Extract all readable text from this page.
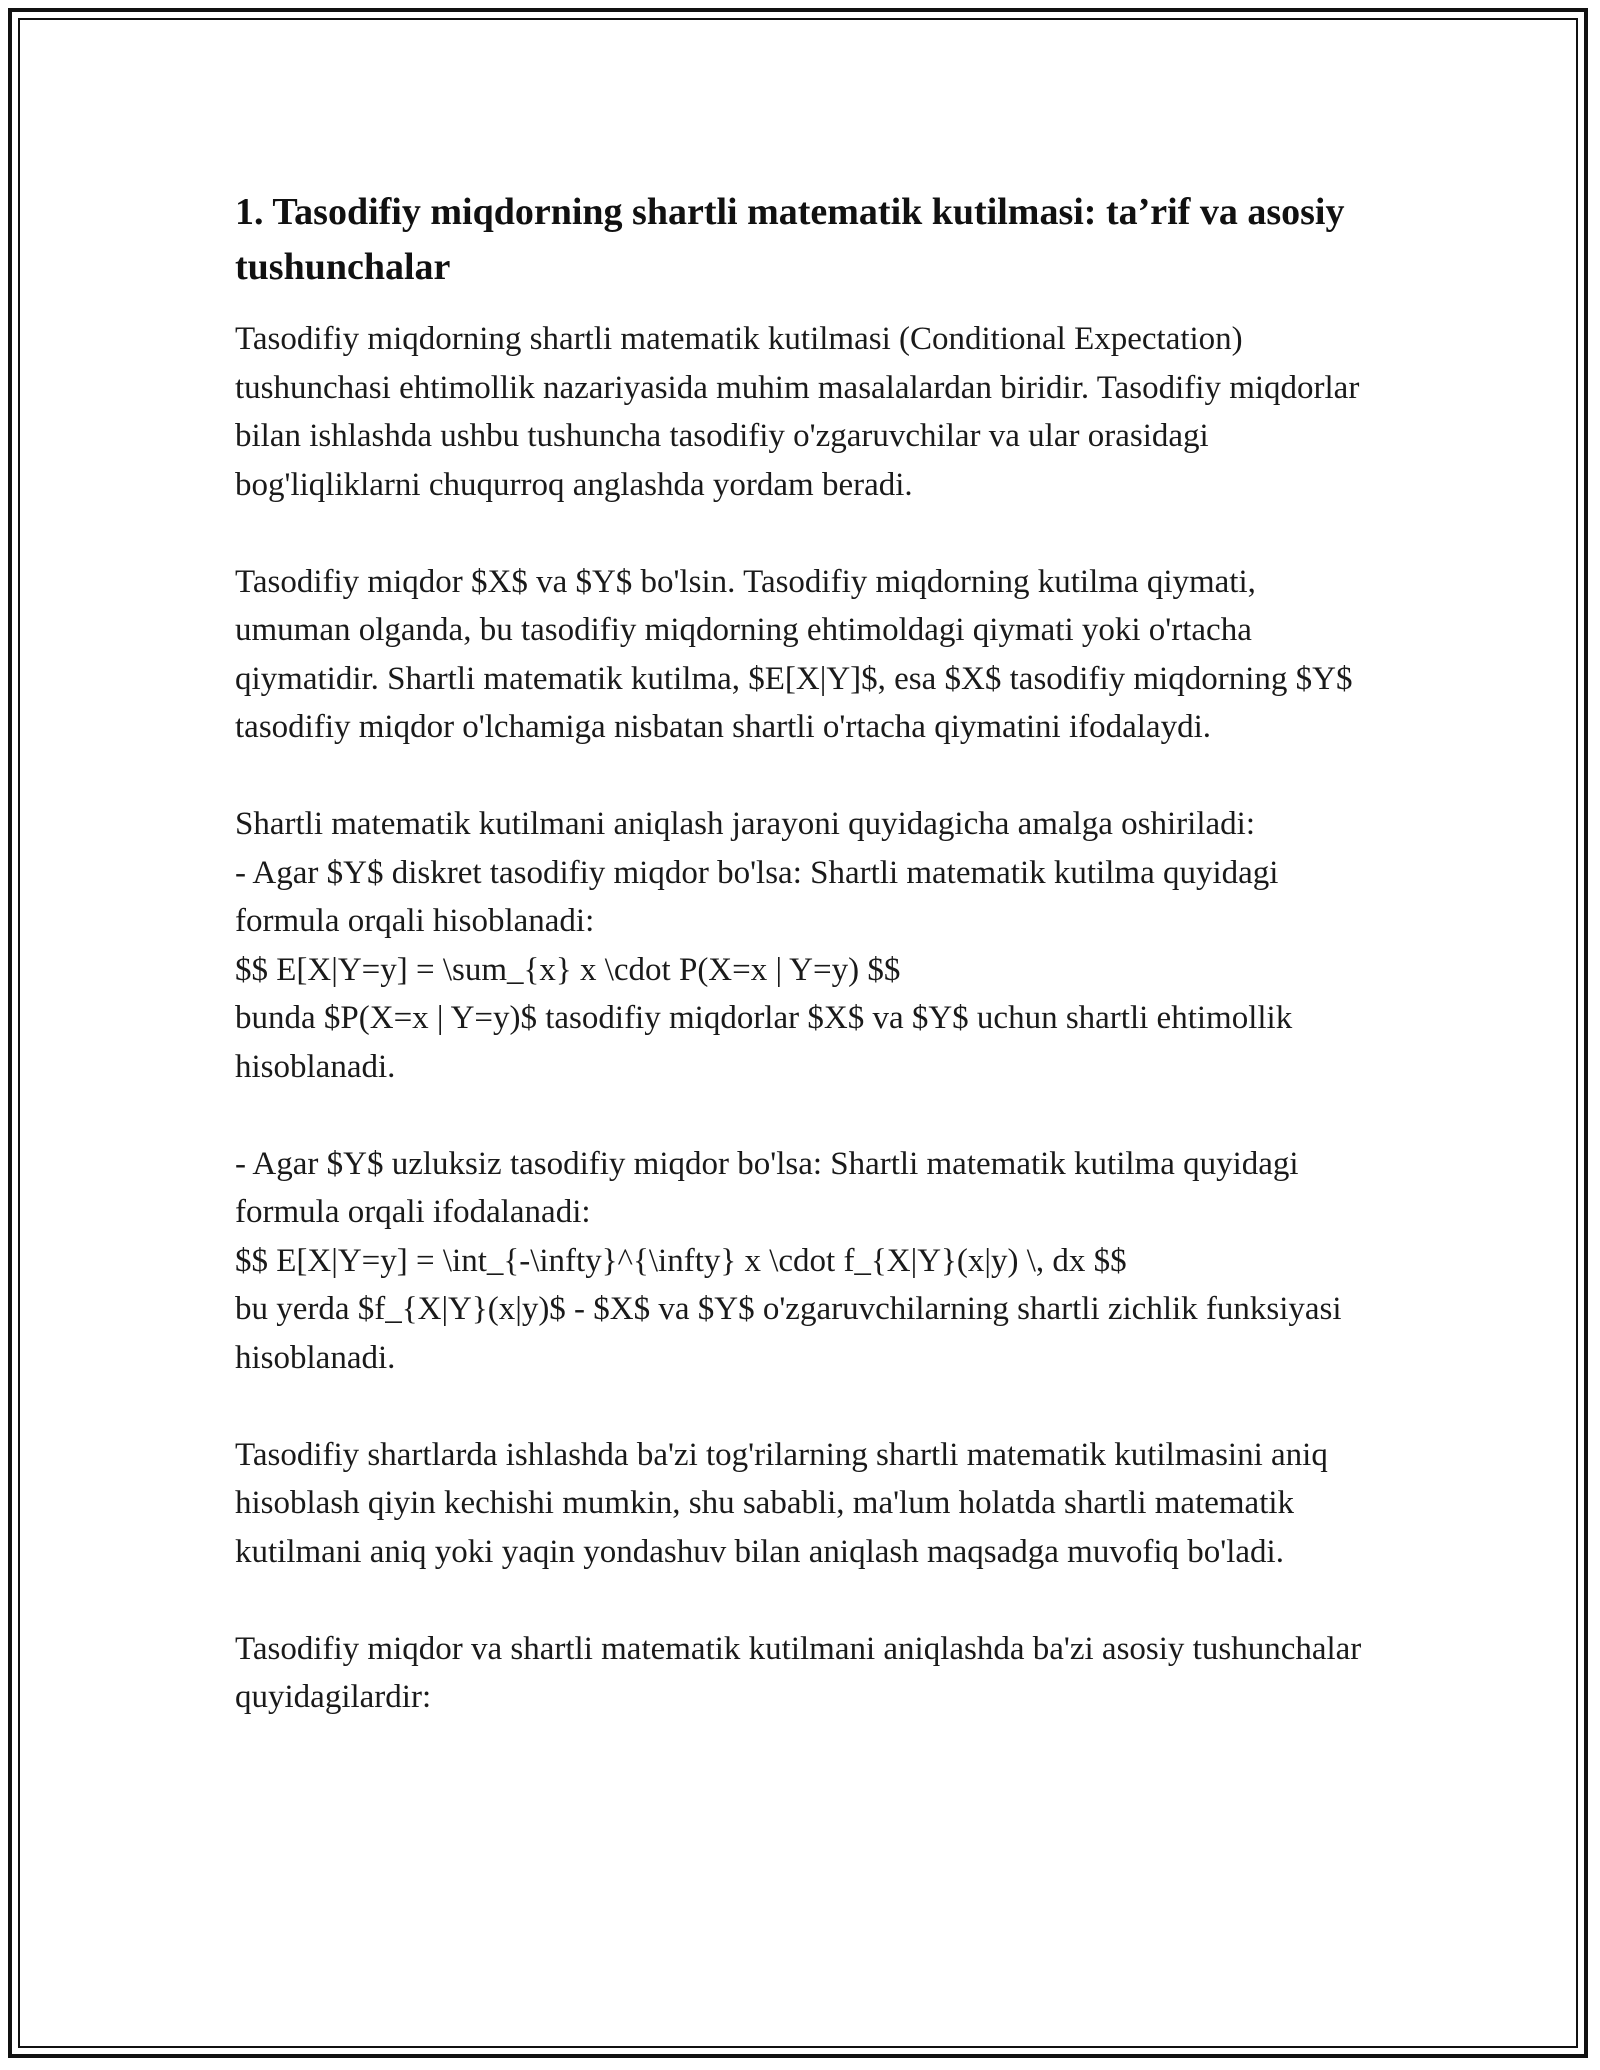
1. Tasodifiy miqdorning shartli matematik kutilmasi: ta’rif va asosiy tushunchalar

Tasodifiy miqdorning shartli matematik kutilmasi (Conditional Expectation) tushunchasi ehtimollik nazariyasida muhim masalalardan biridir. Tasodifiy miqdorlar bilan ishlashda ushbu tushuncha tasodifiy o'zgaruvchilar va ular orasidagi bog'liqliklarni chuqurroq anglashda yordam beradi.

Tasodifiy miqdor $X$ va $Y$ bo'lsin. Tasodifiy miqdorning kutilma qiymati, umuman olganda, bu tasodifiy miqdorning ehtimoldagi qiymati yoki o'rtacha qiymatidir. Shartli matematik kutilma, $E[X|Y]$, esa $X$ tasodifiy miqdorning $Y$ tasodifiy miqdor o'lchamiga nisbatan shartli o'rtacha qiymatini ifodalaydi.

Shartli matematik kutilmani aniqlash jarayoni quyidagicha amalga oshiriladi:
- Agar $Y$ diskret tasodifiy miqdor bo'lsa: Shartli matematik kutilma quyidagi formula orqali hisoblanadi:
$$ E[X|Y=y] = \sum_{x} x \cdot P(X=x | Y=y) $$
bunda $P(X=x | Y=y)$ tasodifiy miqdorlar $X$ va $Y$ uchun shartli ehtimollik hisoblanadi.

- Agar $Y$ uzluksiz tasodifiy miqdor bo'lsa: Shartli matematik kutilma quyidagi formula orqali ifodalanadi:
$$ E[X|Y=y] = \int_{-\infty}^{\infty} x \cdot f_{X|Y}(x|y) \, dx $$
bu yerda $f_{X|Y}(x|y)$ - $X$ va $Y$ o'zgaruvchilarning shartli zichlik funksiyasi hisoblanadi.

Tasodifiy shartlarda ishlashda ba'zi tog'rilarning shartli matematik kutilmasini aniq hisoblash qiyin kechishi mumkin, shu sababli, ma'lum holatda shartli matematik kutilmani aniq yoki yaqin yondashuv bilan aniqlash maqsadga muvofiq bo'ladi.

Tasodifiy miqdor va shartli matematik kutilmani aniqlashda ba'zi asosiy tushunchalar quyidagilardir:
